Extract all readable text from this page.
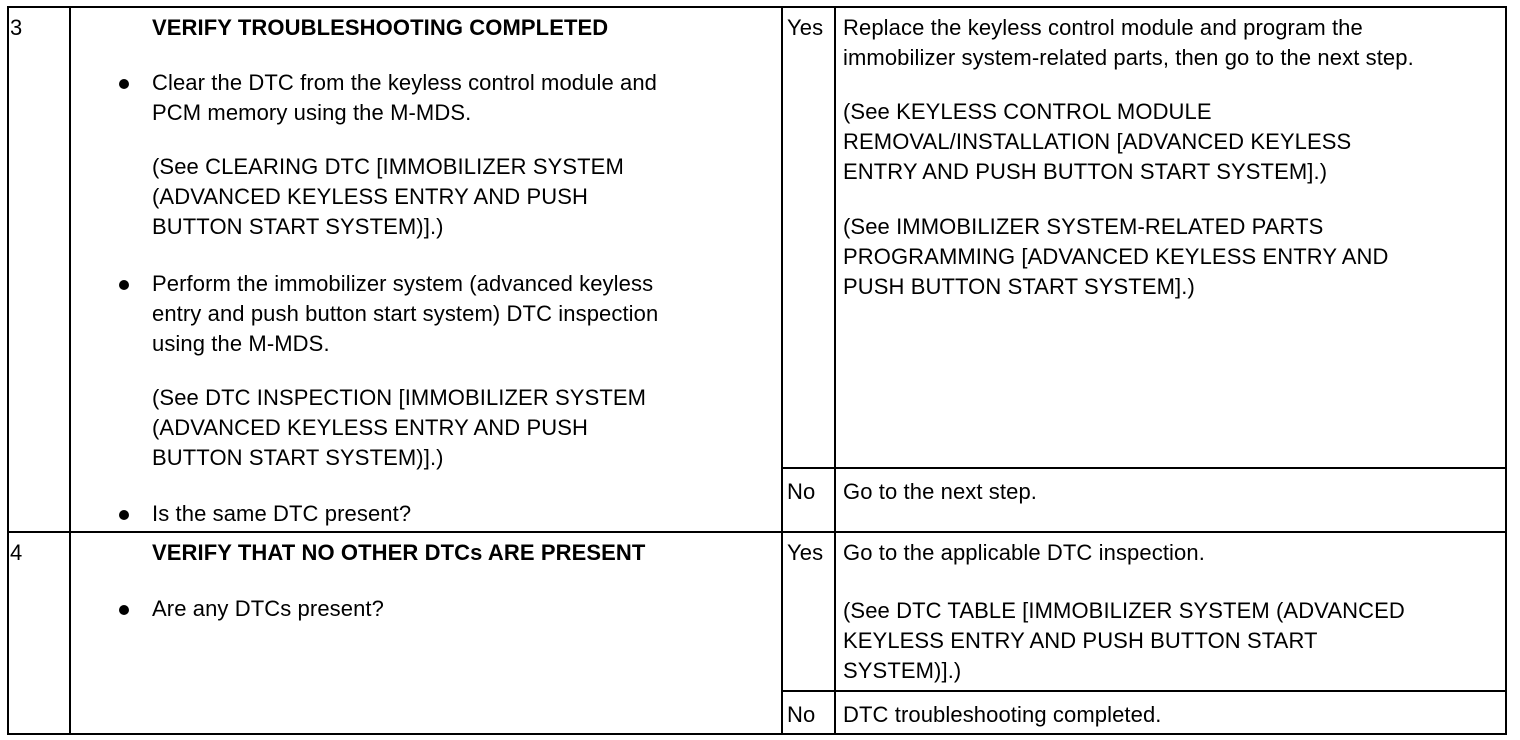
3	VERIFY TROUBLESHOOTING COMPLETED
Clear the DTC from the keyless control module and
PCM memory using the M-MDS.
(See CLEARING DTC [IMMOBILIZER SYSTEM
(ADVANCED KEYLESS ENTRY AND PUSH
BUTTON START SYSTEM)].)
Perform the immobilizer system (advanced keyless
entry and push button start system) DTC inspection
using the M-MDS.
(See DTC INSPECTION [IMMOBILIZER SYSTEM
(ADVANCED KEYLESS ENTRY AND PUSH
BUTTON START SYSTEM)].)
Is the same DTC present?
Yes Replace the keyless control module and program the
immobilizer system-related parts, then go to the next step.
(See KEYLESS CONTROL MODULE
REMOVAL/INSTALLATION [ADVANCED KEYLESS
ENTRY AND PUSH BUTTON START SYSTEM].)
(See IMMOBILIZER SYSTEM-RELATED PARTS
PROGRAMMING [ADVANCED KEYLESS ENTRY AND
PUSH BUTTON START SYSTEM].)
No Go to the next step.
4	VERIFY THAT NO OTHER DTCs ARE PRESENT
Are any DTCs present?
Yes Go to the applicable DTC inspection.
(See DTC TABLE [IMMOBILIZER SYSTEM (ADVANCED
KEYLESS ENTRY AND PUSH BUTTON START
SYSTEM)].)
No DTC troubleshooting completed.
